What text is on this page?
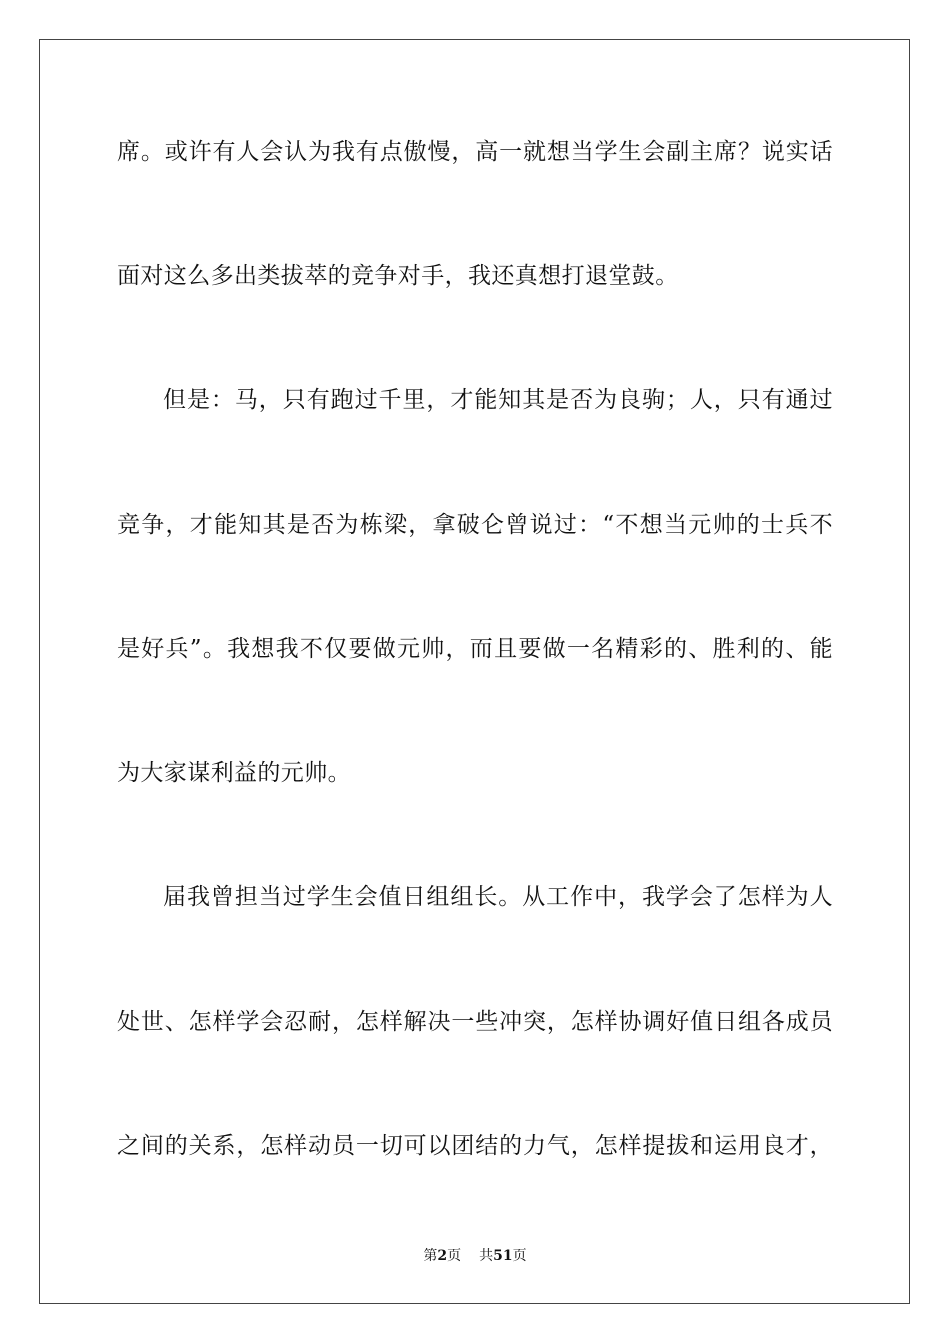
席。或许有人会认为我有点傲慢，高一就想当学生会副主席？说实话
面对这么多出类拔萃的竞争对手，我还真想打退堂鼓。
但是：马，只有跑过千里，才能知其是否为良驹；人，只有通过
竞争，才能知其是否为栋梁，拿破仑曾说过：“不想当元帅的士兵不
是好兵”。我想我不仅要做元帅，而且要做一名精彩的、胜利的、能
为大家谋利益的元帅。
届我曾担当过学生会值日组组长。从工作中，我学会了怎样为人
处世、怎样学会忍耐，怎样解决一些冲突，怎样协调好值日组各成员
之间的关系，怎样动员一切可以团结的力气，怎样提拔和运用良才，
第2页 共51页
